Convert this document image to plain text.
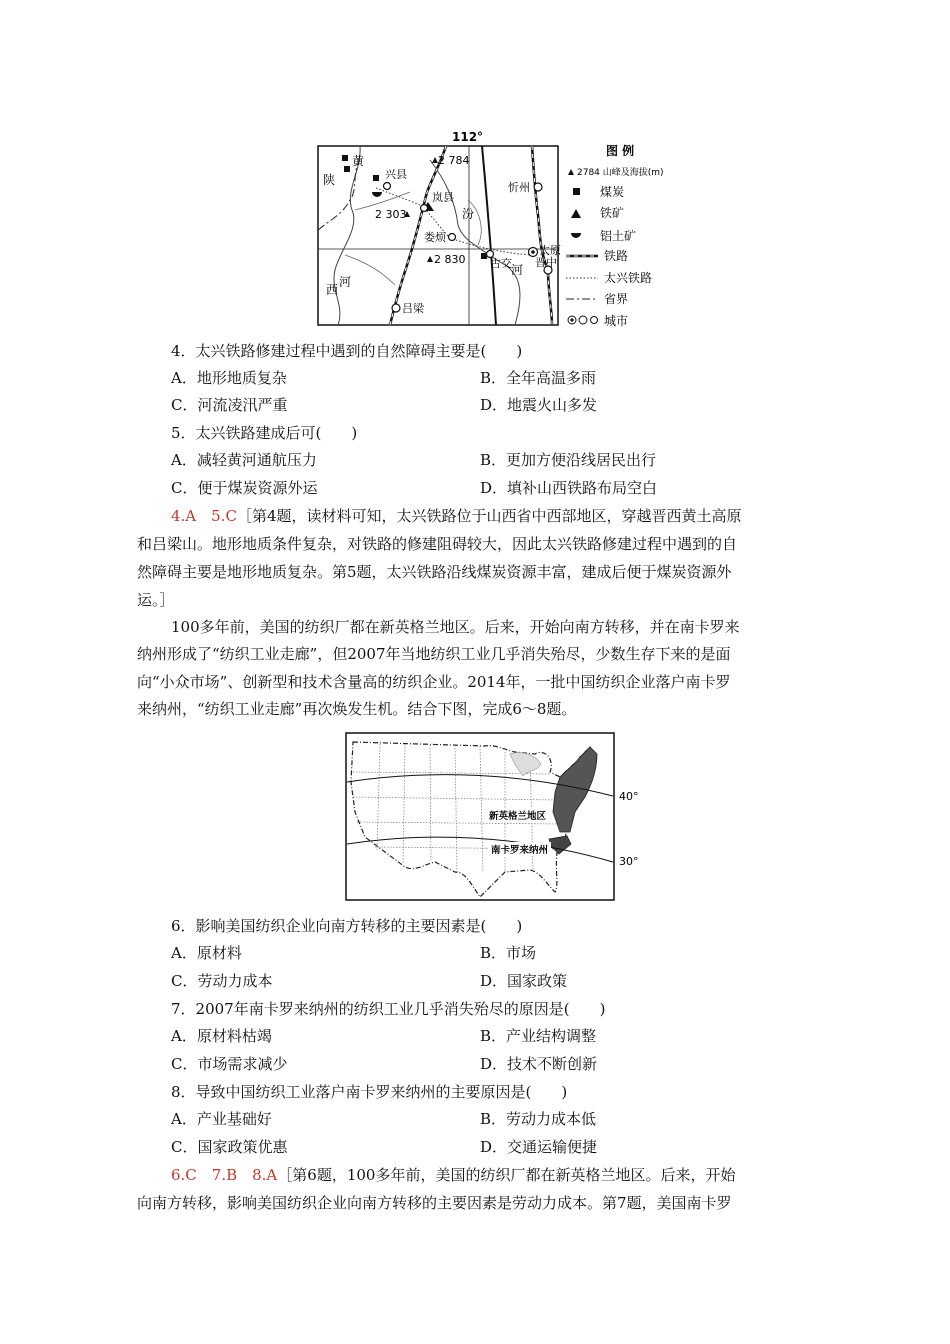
112°
黄
陕	兴县
2 784
2 303
岚县
汾
忻州
娄烦
2 830 古交
太原
晋中
河
河
西
吕梁
图 例
2784 山峰及海拔(m)
煤炭
铁矿
铝土矿
铁路
太兴铁路
省界
城市
4．太兴铁路修建过程中遇到的自然障碍主要是(　　)
A．地形地质复杂	B．全年高温多雨
C．河流凌汛严重	D．地震火山多发
5．太兴铁路建成后可(　　)
A．减轻黄河通航压力	B．更加方便沿线居民出行
C．便于煤炭资源外运	D．填补山西铁路布局空白
4.A　5.C［第4题，读材料可知，太兴铁路位于山西省中西部地区，穿越晋西黄土高原
和吕梁山。地形地质条件复杂，对铁路的修建阻碍较大，因此太兴铁路修建过程中遇到的自
然障碍主要是地形地质复杂。第5题，太兴铁路沿线煤炭资源丰富，建成后便于煤炭资源外
运。］
100多年前，美国的纺织厂都在新英格兰地区。后来，开始向南方转移，并在南卡罗来
纳州形成了“纺织工业走廊”，但2007年当地纺织工业几乎消失殆尽，少数生存下来的是面
向“小众市场”、创新型和技术含量高的纺织企业。2014年，一批中国纺织企业落户南卡罗
来纳州，“纺织工业走廊”再次焕发生机。结合下图，完成6～8题。
新英格兰地区
南卡罗来纳州
40°
30°
6．影响美国纺织企业向南方转移的主要因素是(　　)
A．原材料	B．市场
C．劳动力成本	D．国家政策
7．2007年南卡罗来纳州的纺织工业几乎消失殆尽的原因是(　　)
A．原材料枯竭	B．产业结构调整
C．市场需求减少	D．技术不断创新
8．导致中国纺织工业落户南卡罗来纳州的主要原因是(　　)
A．产业基础好	B．劳动力成本低
C．国家政策优惠	D．交通运输便捷
6.C　7.B　8.A［第6题，100多年前，美国的纺织厂都在新英格兰地区。后来，开始
向南方转移，影响美国纺织企业向南方转移的主要因素是劳动力成本。第7题，美国南卡罗
